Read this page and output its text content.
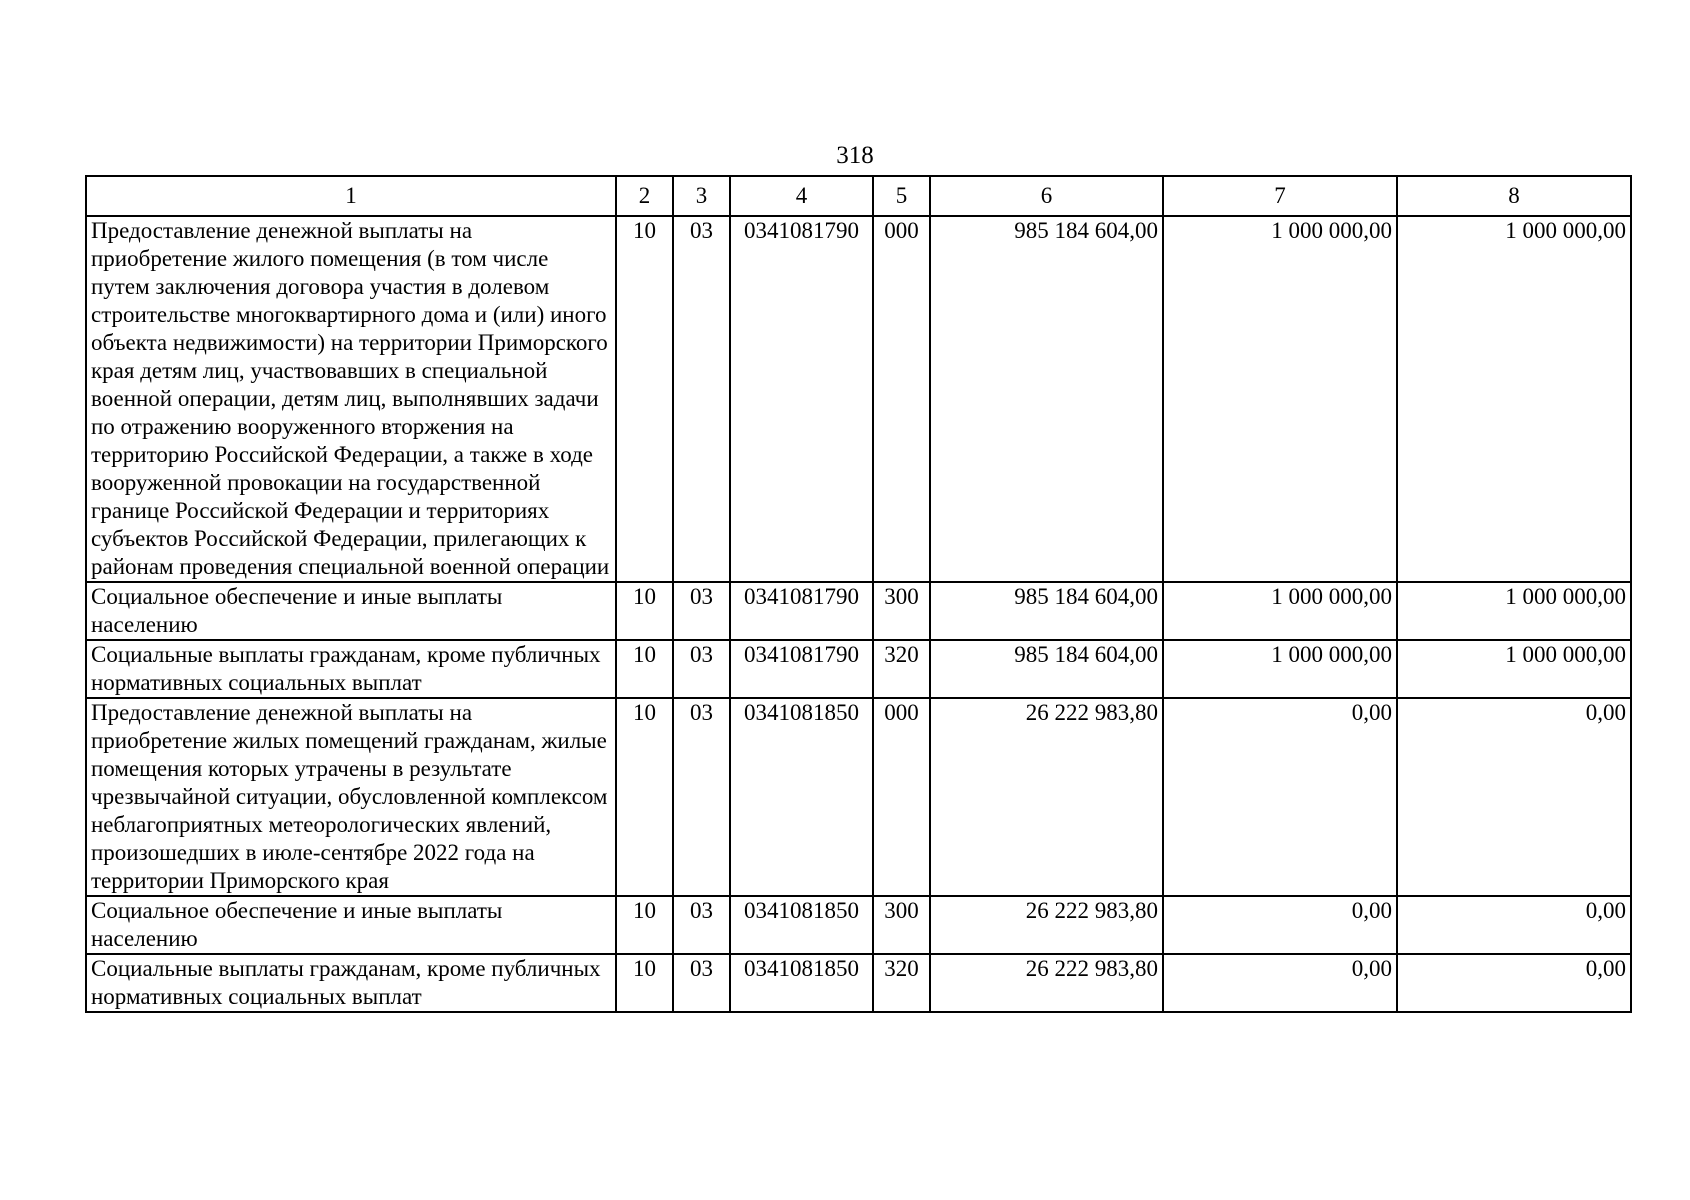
318
1	2	3	4	5	6	7	8
Предоставление денежной выплаты на приобретение жилого помещения (в том числе путем заключения договора участия в долевом строительстве многоквартирного дома и (или) иного объекта недвижимости) на территории Приморского края детям лиц, участвовавших в специальной военной операции, детям лиц, выполнявших задачи по отражению вооруженного вторжения на территорию Российской Федерации, а также в ходе вооруженной провокации на государственной границе Российской Федерации и территориях субъектов Российской Федерации, прилегающих к районам проведения специальной военной операции	10	03	0341081790	000	985 184 604,00	1 000 000,00	1 000 000,00
Социальное обеспечение и иные выплаты населению	10	03	0341081790	300	985 184 604,00	1 000 000,00	1 000 000,00
Социальные выплаты гражданам, кроме публичных нормативных социальных выплат	10	03	0341081790	320	985 184 604,00	1 000 000,00	1 000 000,00
Предоставление денежной выплаты на приобретение жилых помещений гражданам, жилые помещения которых утрачены в результате чрезвычайной ситуации, обусловленной комплексом неблагоприятных метеорологических явлений, произошедших в июле-сентябре 2022 года на территории Приморского края	10	03	0341081850	000	26 222 983,80	0,00	0,00
Социальное обеспечение и иные выплаты населению	10	03	0341081850	300	26 222 983,80	0,00	0,00
Социальные выплаты гражданам, кроме публичных нормативных социальных выплат	10	03	0341081850	320	26 222 983,80	0,00	0,00
